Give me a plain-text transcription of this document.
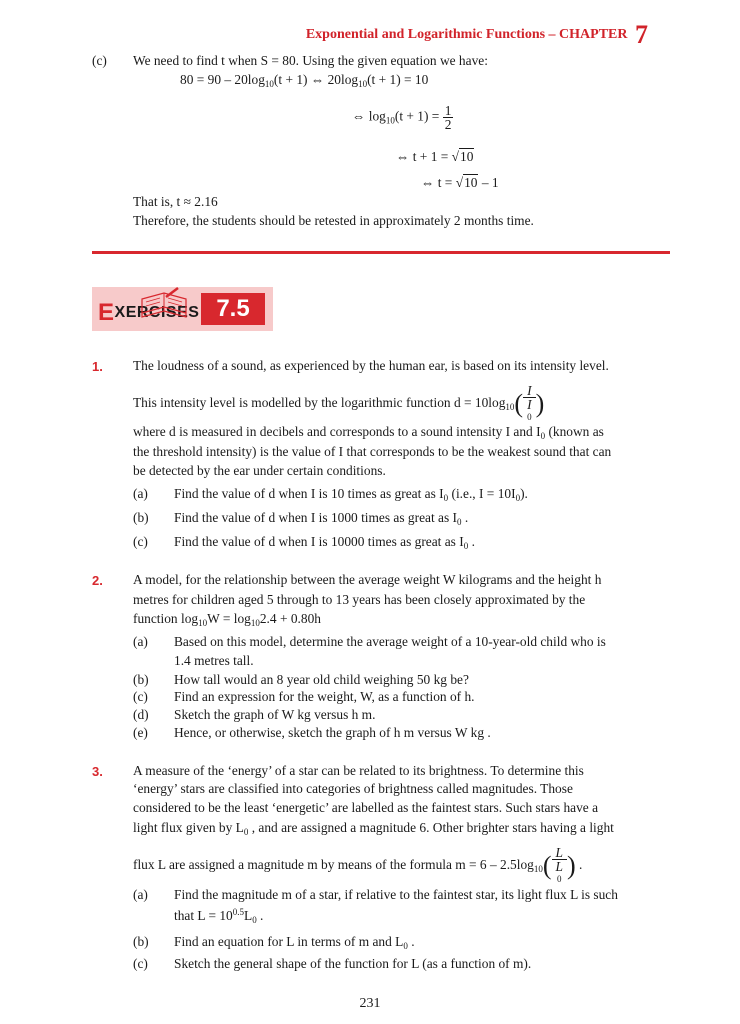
Exponential and Logarithmic Functions – CHAPTER 7
(c) We need to find t when S = 80. Using the given equation we have:
$80 = 90 - 20\log_{10}(t + 1)$ ⇔ $20\log_{10}(t + 1) = 10$
⇔ $\log_{10}(t + 1) = \frac{1}{2}$
⇔ t + 1 = √10
⇔ t = √10 – 1
That is, t ≈ 2.16
Therefore, the students should be retested in approximately 2 months time.
EXERCISES 7.5
1. The loudness of a sound, as experienced by the human ear, is based on its intensity level.
This intensity level is modelled by the logarithmic function $d = 10\log_{10}$( I
I
0 )
where d is measured in decibels and corresponds to a sound intensity I and $I_0$ (known as
the threshold intensity) is the value of I that corresponds to be the weakest sound that can
be detected by the ear under certain conditions.
(a) Find the value of d when I is 10 times as great as $I_0$ (i.e., $I = 10I_0$).
(b) Find the value of d when I is 1000 times as great as $I_0$ .
(c) Find the value of d when I is 10000 times as great as $I_0$ .
2. A model, for the relationship between the average weight W kilograms and the height h
metres for children aged 5 through to 13 years has been closely approximated by the
function $\log_{10}W = \log_{10}2.4 + 0.80h$
(a) Based on this model, determine the average weight of a 10-year-old child who is
1.4 metres tall.
(b) How tall would an 8 year old child weighing 50 kg be?
(c) Find an expression for the weight, W, as a function of h.
(d) Sketch the graph of W kg versus h m.
(e) Hence, or otherwise, sketch the graph of h m versus W kg .
3. A measure of the ‘energy’ of a star can be related to its brightness. To determine this
‘energy’ stars are classified into categories of brightness called magnitudes. Those
considered to be the least ‘energetic’ are labelled as the faintest stars. Such stars have a
light flux given by $L_0$ , and are assigned a magnitude 6. Other brighter stars having a light
flux L are assigned a magnitude m by means of the formula $m = 6 - 2.5\log_{10}$( L
L
0 ) .
(a) Find the magnitude m of a star, if relative to the faintest star, its light flux L is such
that $L = 10^{0.5}L_0$ .
(b) Find an equation for L in terms of m and $L_0$ .
(c) Sketch the general shape of the function for L (as a function of m).
231
